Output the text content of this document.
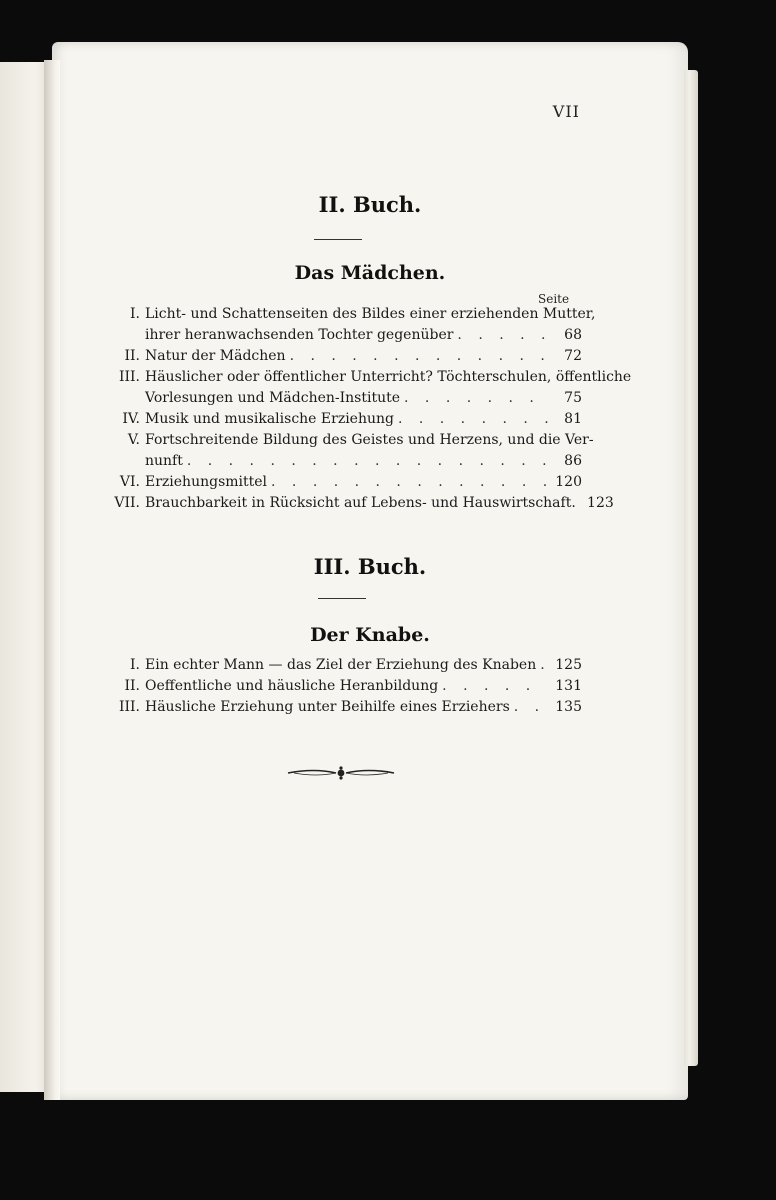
VII
II. Buch.
Das Mädchen.
Seite
I. Licht- und Schattenseiten des Bildes einer erziehenden Mutter,
ihrer heranwachsenden Tochter gegenüber . . .	68
II. Natur der Mädchen . . .	72
III. Häuslicher oder öffentlicher Unterricht? Töchterschulen, öffentliche
Vorlesungen und Mädchen-Institute . . .	75
IV. Musik und musikalische Erziehung . . .	81
V. Fortschreitende Bildung des Geistes und Herzens, und die Ver-
nunft . . .	86
VI. Erziehungsmittel . . .	120
VII. Brauchbarkeit in Rücksicht auf Lebens- und Hauswirtschaft. . . . 123
III. Buch.
Der Knabe.
I. Ein echter Mann — das Ziel der Erziehung des Knaben . . .	125
II. Oeffentliche und häusliche Heranbildung . . .	131
III. Häusliche Erziehung unter Beihilfe eines Erziehers . . .	135
